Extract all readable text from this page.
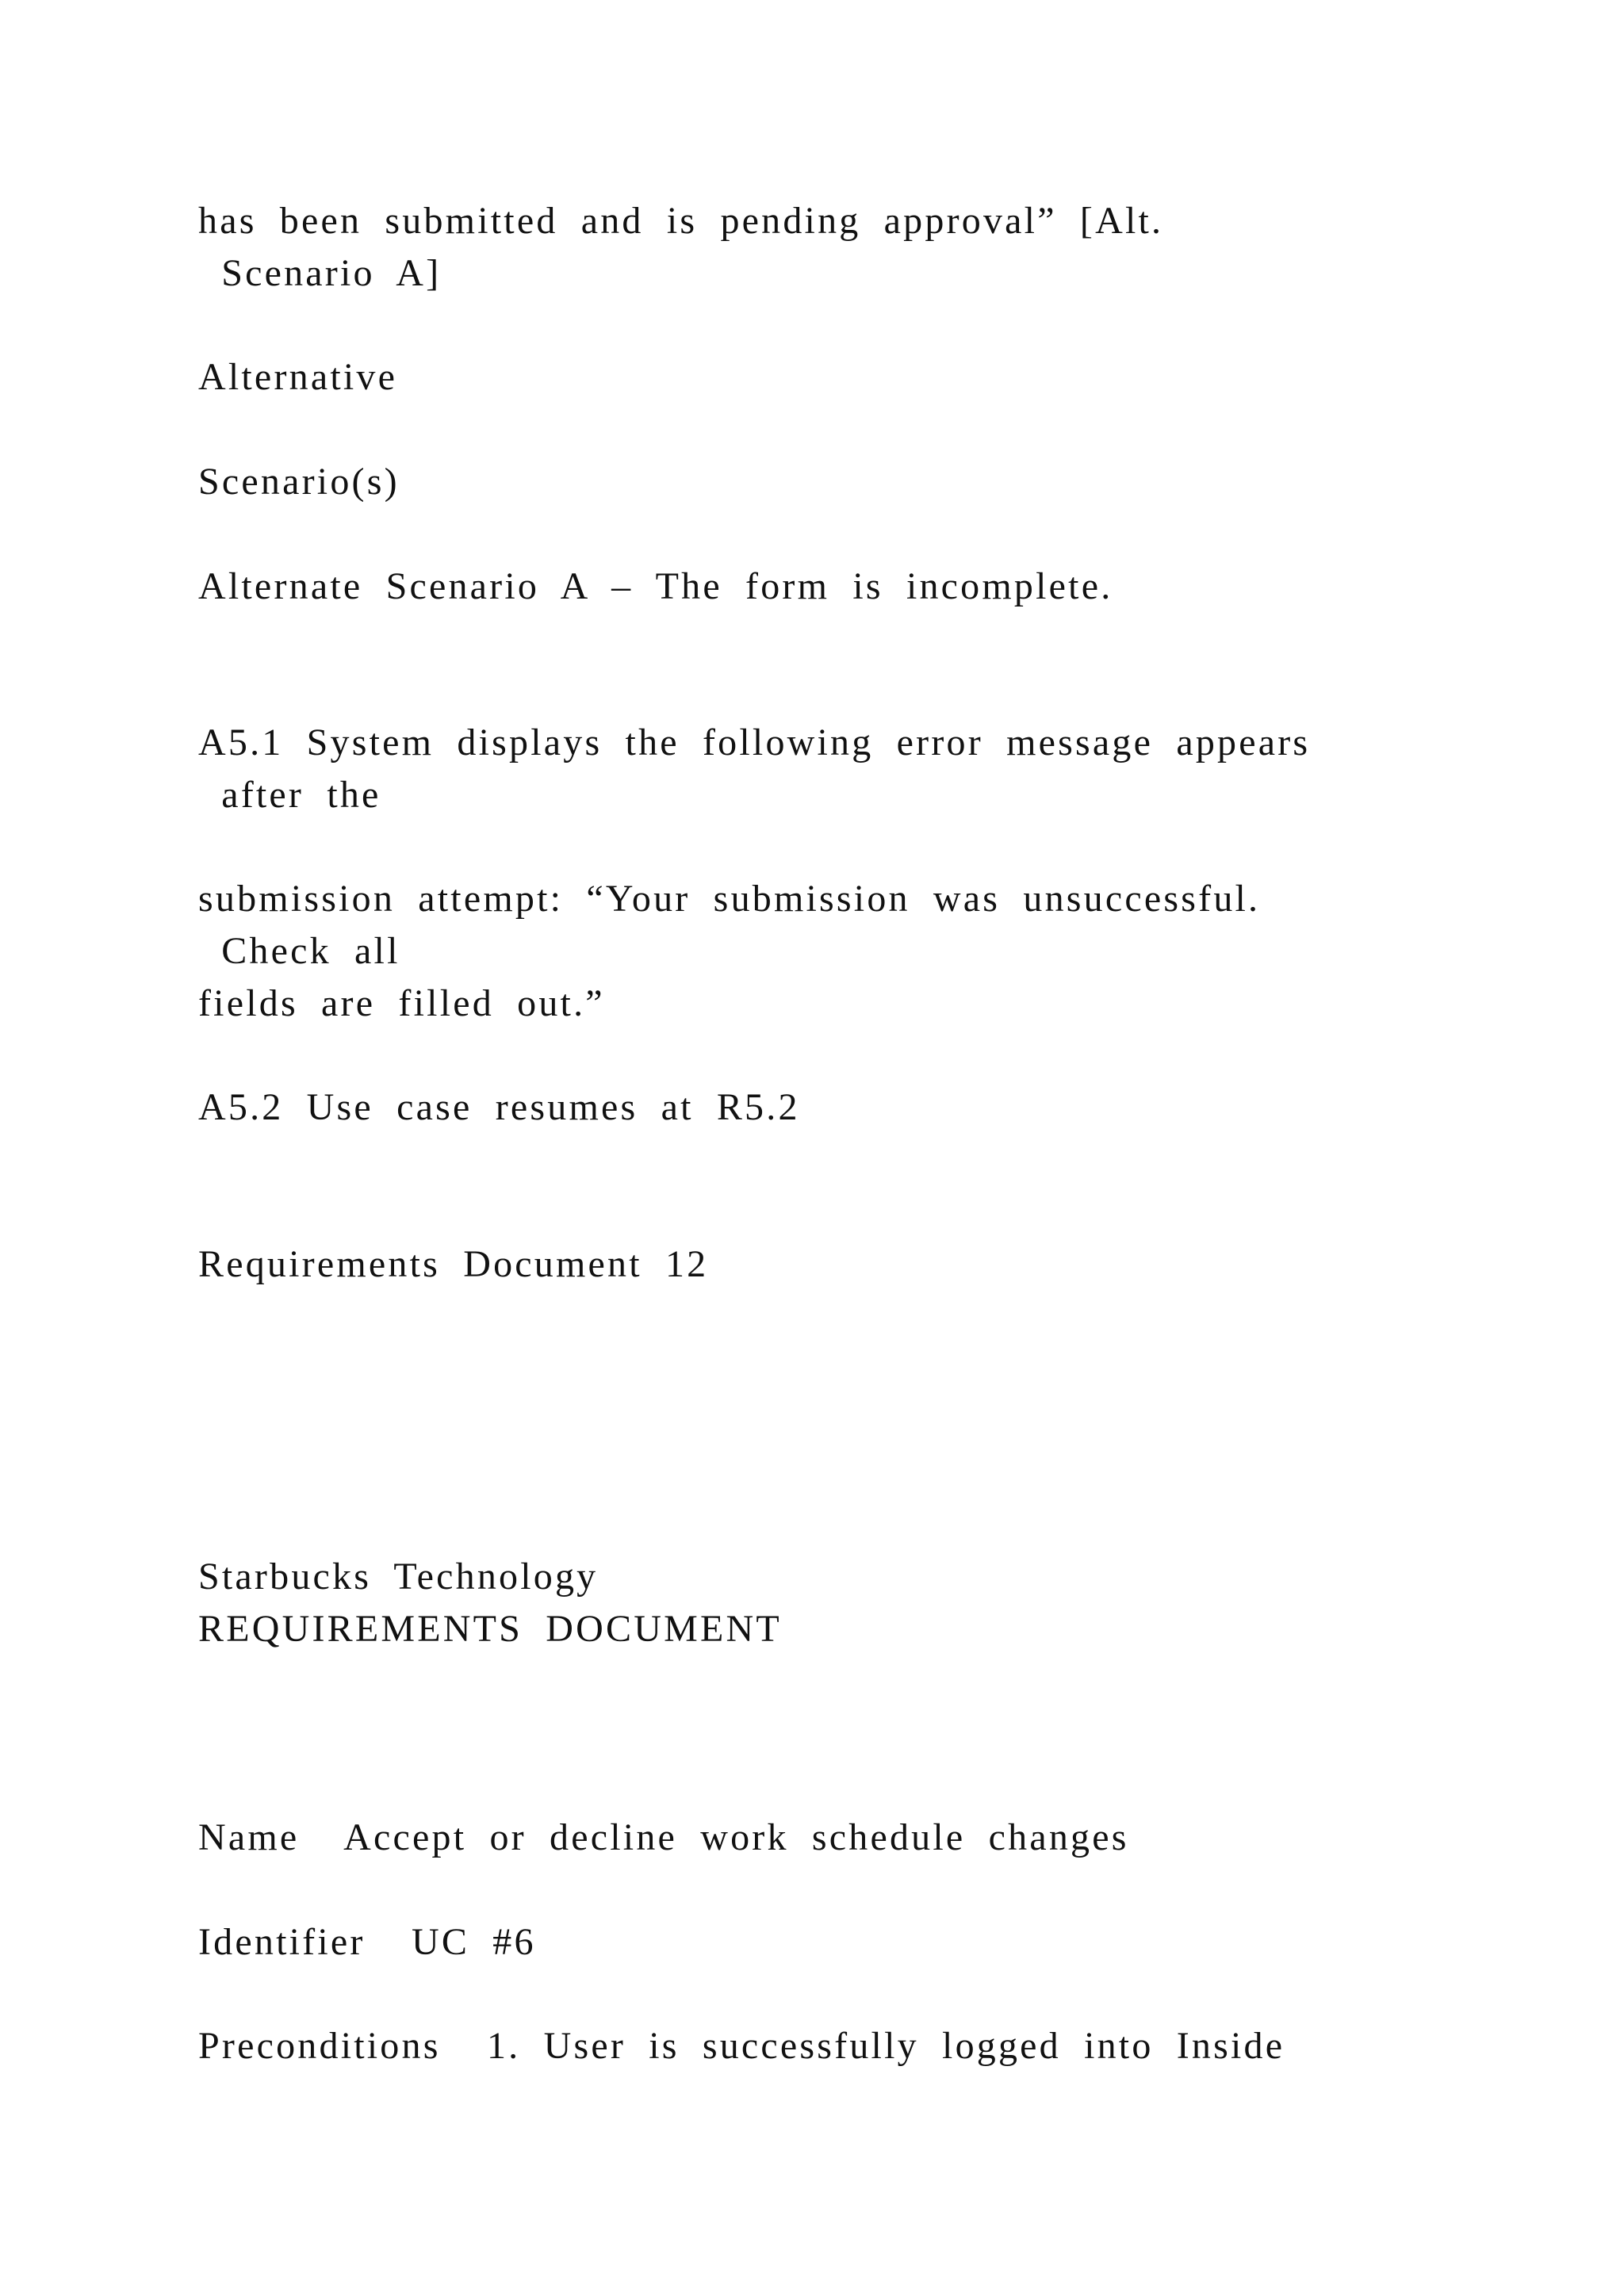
has been submitted and is pending approval” [Alt.
Scenario A]
Alternative
Scenario(s)
Alternate Scenario A – The form is incomplete.
A5.1 System displays the following error message appears
after the
submission attempt: “Your submission was unsuccessful.
Check all
fields are filled out.”
A5.2 Use case resumes at R5.2
Requirements Document 12
Starbucks Technology
REQUIREMENTS DOCUMENT
Name  Accept or decline work schedule changes
Identifier  UC #6
Preconditions  1. User is successfully logged into Inside
